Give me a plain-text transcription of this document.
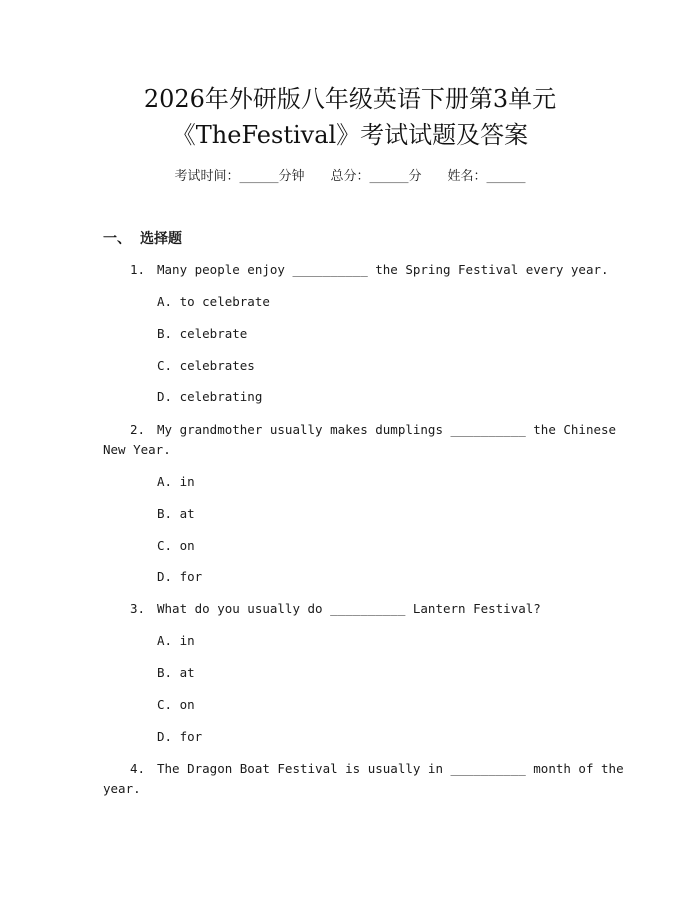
2026年外研版八年级英语下册第3单元
《TheFestival》考试试题及答案
考试时间：______分钟 总分：______分 姓名：______
一、 选择题
1. Many people enjoy __________ the Spring Festival every year.
A. to celebrate
B. celebrate
C. celebrates
D. celebrating
2. My grandmother usually makes dumplings __________ the Chinese
New Year.
A. in
B. at
C. on
D. for
3. What do you usually do __________ Lantern Festival?
A. in
B. at
C. on
D. for
4. The Dragon Boat Festival is usually in __________ month of the
year.
